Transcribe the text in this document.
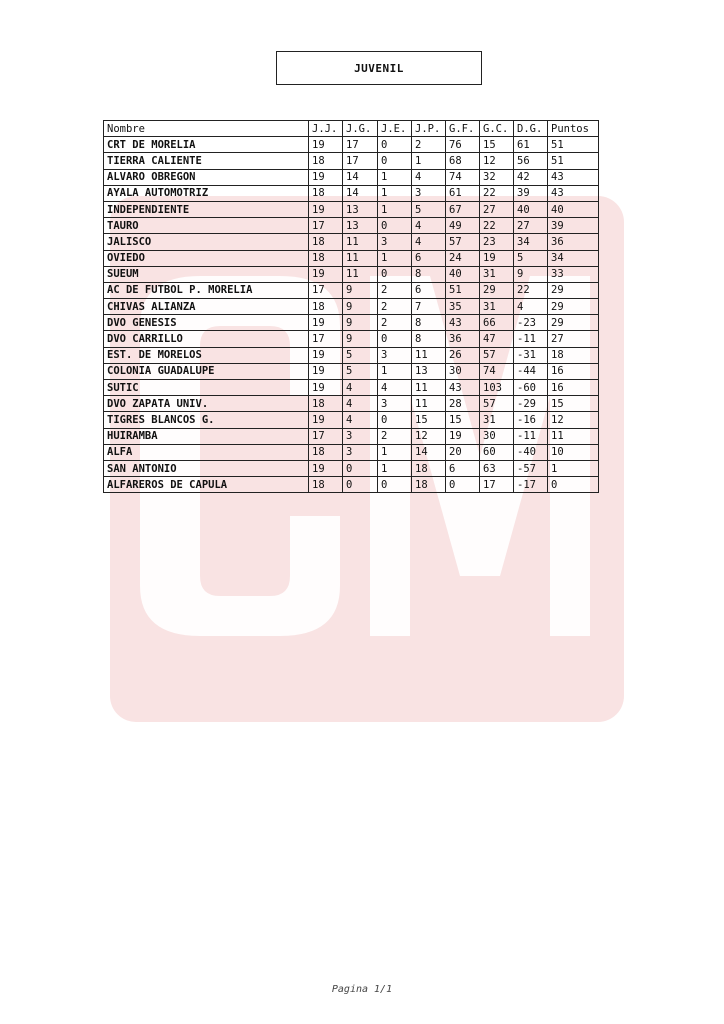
JUVENIL
Nombre	J.J.	J.G.	J.E.	J.P.	G.F.	G.C.	D.G.	Puntos
CRT DE MORELIA	19	17	0	2	76	15	61	51
TIERRA CALIENTE	18	17	0	1	68	12	56	51
ALVARO OBREGON	19	14	1	4	74	32	42	43
AYALA AUTOMOTRIZ	18	14	1	3	61	22	39	43
INDEPENDIENTE	19	13	1	5	67	27	40	40
TAURO	17	13	0	4	49	22	27	39
JALISCO	18	11	3	4	57	23	34	36
OVIEDO	18	11	1	6	24	19	5	34
SUEUM	19	11	0	8	40	31	9	33
AC DE FUTBOL P. MORELIA	17	9	2	6	51	29	22	29
CHIVAS ALIANZA	18	9	2	7	35	31	4	29
DVO GENESIS	19	9	2	8	43	66	-23	29
DVO CARRILLO	17	9	0	8	36	47	-11	27
EST. DE MORELOS	19	5	3	11	26	57	-31	18
COLONIA GUADALUPE	19	5	1	13	30	74	-44	16
SUTIC	19	4	4	11	43	103	-60	16
DVO ZAPATA UNIV.	18	4	3	11	28	57	-29	15
TIGRES BLANCOS G.	19	4	0	15	15	31	-16	12
HUIRAMBA	17	3	2	12	19	30	-11	11
ALFA	18	3	1	14	20	60	-40	10
SAN ANTONIO	19	0	1	18	6	63	-57	1
ALFAREROS DE CAPULA	18	0	0	18	0	17	-17	0
Pagina 1/1
